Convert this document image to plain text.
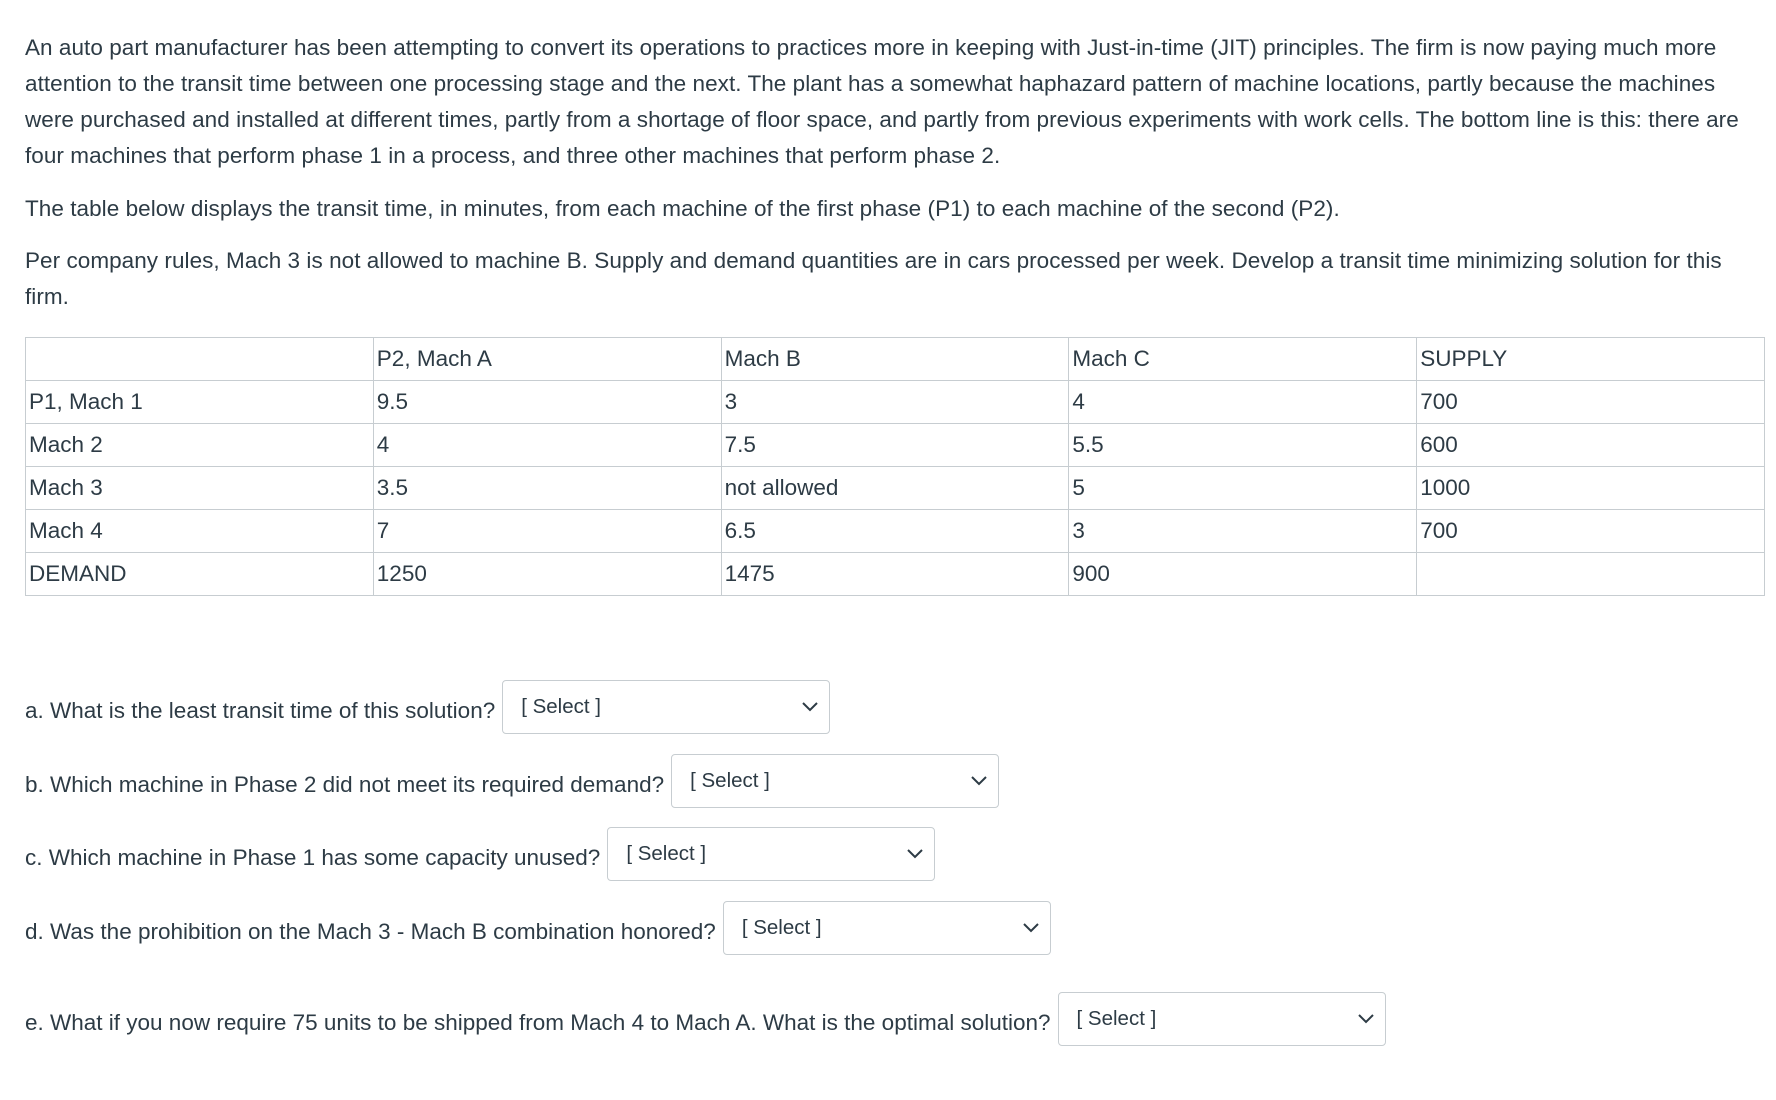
An auto part manufacturer has been attempting to convert its operations to practices more in keeping with Just-in-time (JIT) principles. The firm is now paying much more attention to the transit time between one processing stage and the next. The plant has a somewhat haphazard pattern of machine locations, partly because the machines were purchased and installed at different times, partly from a shortage of floor space, and partly from previous experiments with work cells. The bottom line is this: there are four machines that perform phase 1 in a process, and three other machines that perform phase 2.

The table below displays the transit time, in minutes, from each machine of the first phase (P1) to each machine of the second (P2).

Per company rules, Mach 3 is not allowed to machine B. Supply and demand quantities are in cars processed per week. Develop a transit time minimizing solution for this firm.

	P2, Mach A	Mach B	Mach C	SUPPLY
P1, Mach 1	9.5	3	4	700
Mach 2	4	7.5	5.5	600
Mach 3	3.5	not allowed	5	1000
Mach 4	7	6.5	3	700
DEMAND	1250	1475	900	
a. What is the least transit time of this solution? [ Select ]
b. Which machine in Phase 2 did not meet its required demand? [ Select ]
c. Which machine in Phase 1 has some capacity unused? [ Select ]
d. Was the prohibition on the Mach 3 - Mach B combination honored? [ Select ]
e. What if you now require 75 units to be shipped from Mach 4 to Mach A. What is the optimal solution? [ Select ]
